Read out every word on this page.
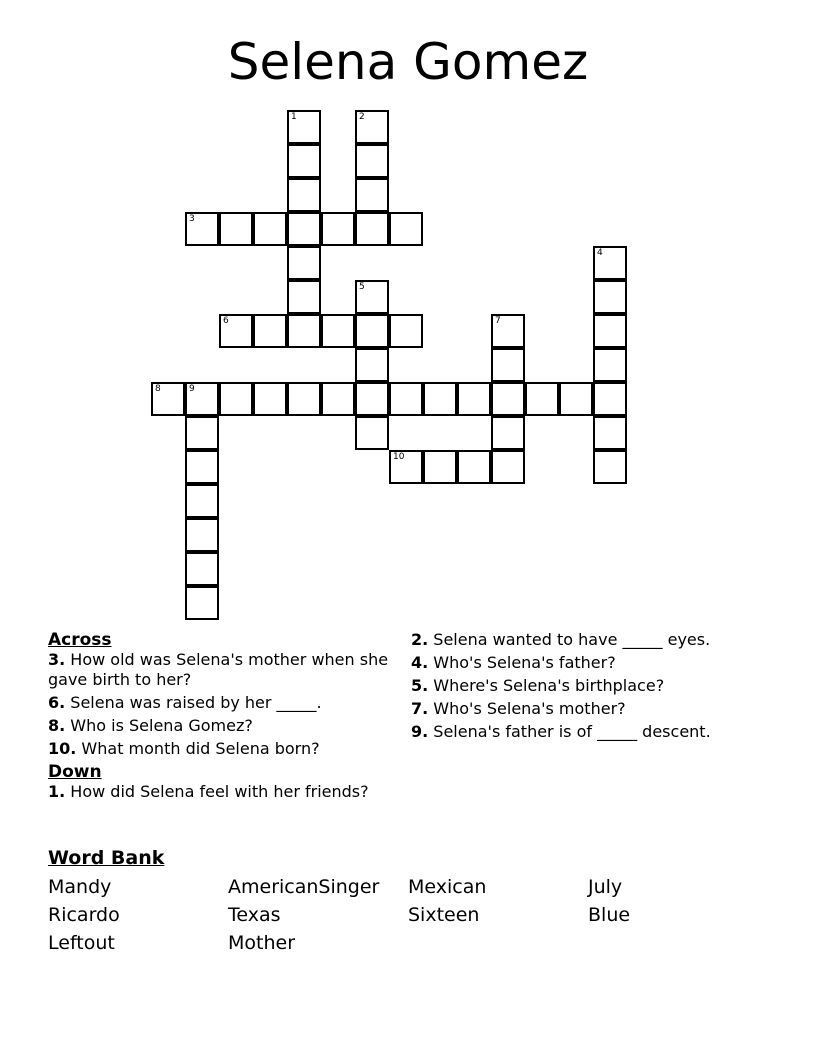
Selena Gomez
3
6
8	9
10
1	2
4
5
7
Across
3. How old was Selena's mother when she gave birth to her?
6. Selena was raised by her _____.
8. Who is Selena Gomez?
10. What month did Selena born?
Down
1. How did Selena feel with her friends?
2. Selena wanted to have _____ eyes.
4. Who's Selena's father?
5. Where's Selena's birthplace?
7. Who's Selena's mother?
9. Selena's father is of _____ descent.
Word Bank
Mandy	AmericanSinger	Mexican	July
Ricardo	Texas	Sixteen	Blue
Leftout	Mother
